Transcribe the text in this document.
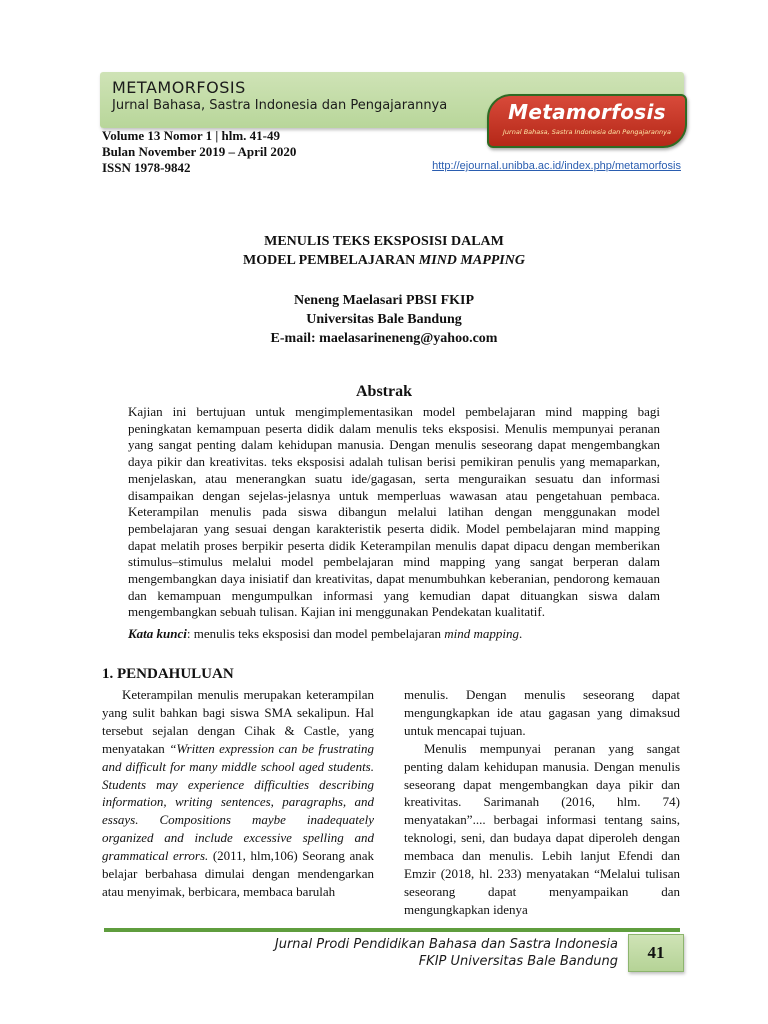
METAMORFOSIS
Jurnal Bahasa, Sastra Indonesia dan Pengajarannya	Metamorfosis
Jurnal Bahasa, Sastra Indonesia dan Pengajarannya
Volume 13 Nomor 1 | hlm. 41-49
Bulan November 2019 – April 2020
ISSN 1978-9842	http://ejournal.unibba.ac.id/index.php/metamorfosis
MENULIS TEKS EKSPOSISI DALAM
MODEL PEMBELAJARAN MIND MAPPING
Neneng Maelasari PBSI FKIP
Universitas Bale Bandung
E-mail: maelasarineneng@yahoo.com
Abstrak

Kajian ini bertujuan untuk mengimplementasikan model pembelajaran mind mapping bagi peningkatan kemampuan peserta didik dalam menulis teks eksposisi. Menulis mempunyai peranan yang sangat penting dalam kehidupan manusia. Dengan menulis seseorang dapat mengembangkan daya pikir dan kreativitas. teks eksposisi adalah tulisan berisi pemikiran penulis yang memaparkan, menjelaskan, atau menerangkan suatu ide/gagasan, serta menguraikan sesuatu dan informasi disampaikan dengan sejelas-jelasnya untuk memperluas wawasan atau pengetahuan pembaca. Keterampilan menulis pada siswa dibangun melalui latihan dengan menggunakan model pembelajaran yang sesuai dengan karakteristik peserta didik. Model pembelajaran mind mapping dapat melatih proses berpikir peserta didik Keterampilan menulis dapat dipacu dengan memberikan stimulus–stimulus melalui model pembelajaran mind mapping yang sangat berperan dalam mengembangkan daya inisiatif dan kreativitas, dapat menumbuhkan keberanian, pendorong kemauan dan kemampuan mengumpulkan informasi yang kemudian dapat dituangkan siswa dalam mengembangkan sebuah tulisan. Kajian ini menggunakan Pendekatan kualitatif.

Kata kunci: menulis teks eksposisi dan model pembelajaran mind mapping.

1. PENDAHULUAN

Keterampilan menulis merupakan keterampilan yang sulit bahkan bagi siswa SMA sekalipun. Hal tersebut sejalan dengan Cihak & Castle, yang menyatakan “Written expression can be frustrating and difficult for many middle school aged students. Students may experience difficulties describing information, writing sentences, paragraphs, and essays. Compositions maybe inadequately organized and include excessive spelling and grammatical errors. (2011, hlm,106) Seorang anak belajar berbahasa dimulai dengan mendengarkan atau menyimak, berbicara, membaca barulah

menulis. Dengan menulis seseorang dapat mengungkapkan ide atau gagasan yang dimaksud untuk mencapai tujuan.

Menulis mempunyai peranan yang sangat penting dalam kehidupan manusia. Dengan menulis seseorang dapat mengembangkan daya pikir dan kreativitas. Sarimanah (2016, hlm. 74) menyatakan”.... berbagai informasi tentang sains, teknologi, seni, dan budaya dapat diperoleh dengan membaca dan menulis. Lebih lanjut Efendi dan Emzir (2018, hl. 233) menyatakan “Melalui tulisan seseorang dapat menyampaikan dan mengungkapkan idenya

Jurnal Prodi Pendidikan Bahasa dan Sastra Indonesia
FKIP Universitas Bale Bandung	41
